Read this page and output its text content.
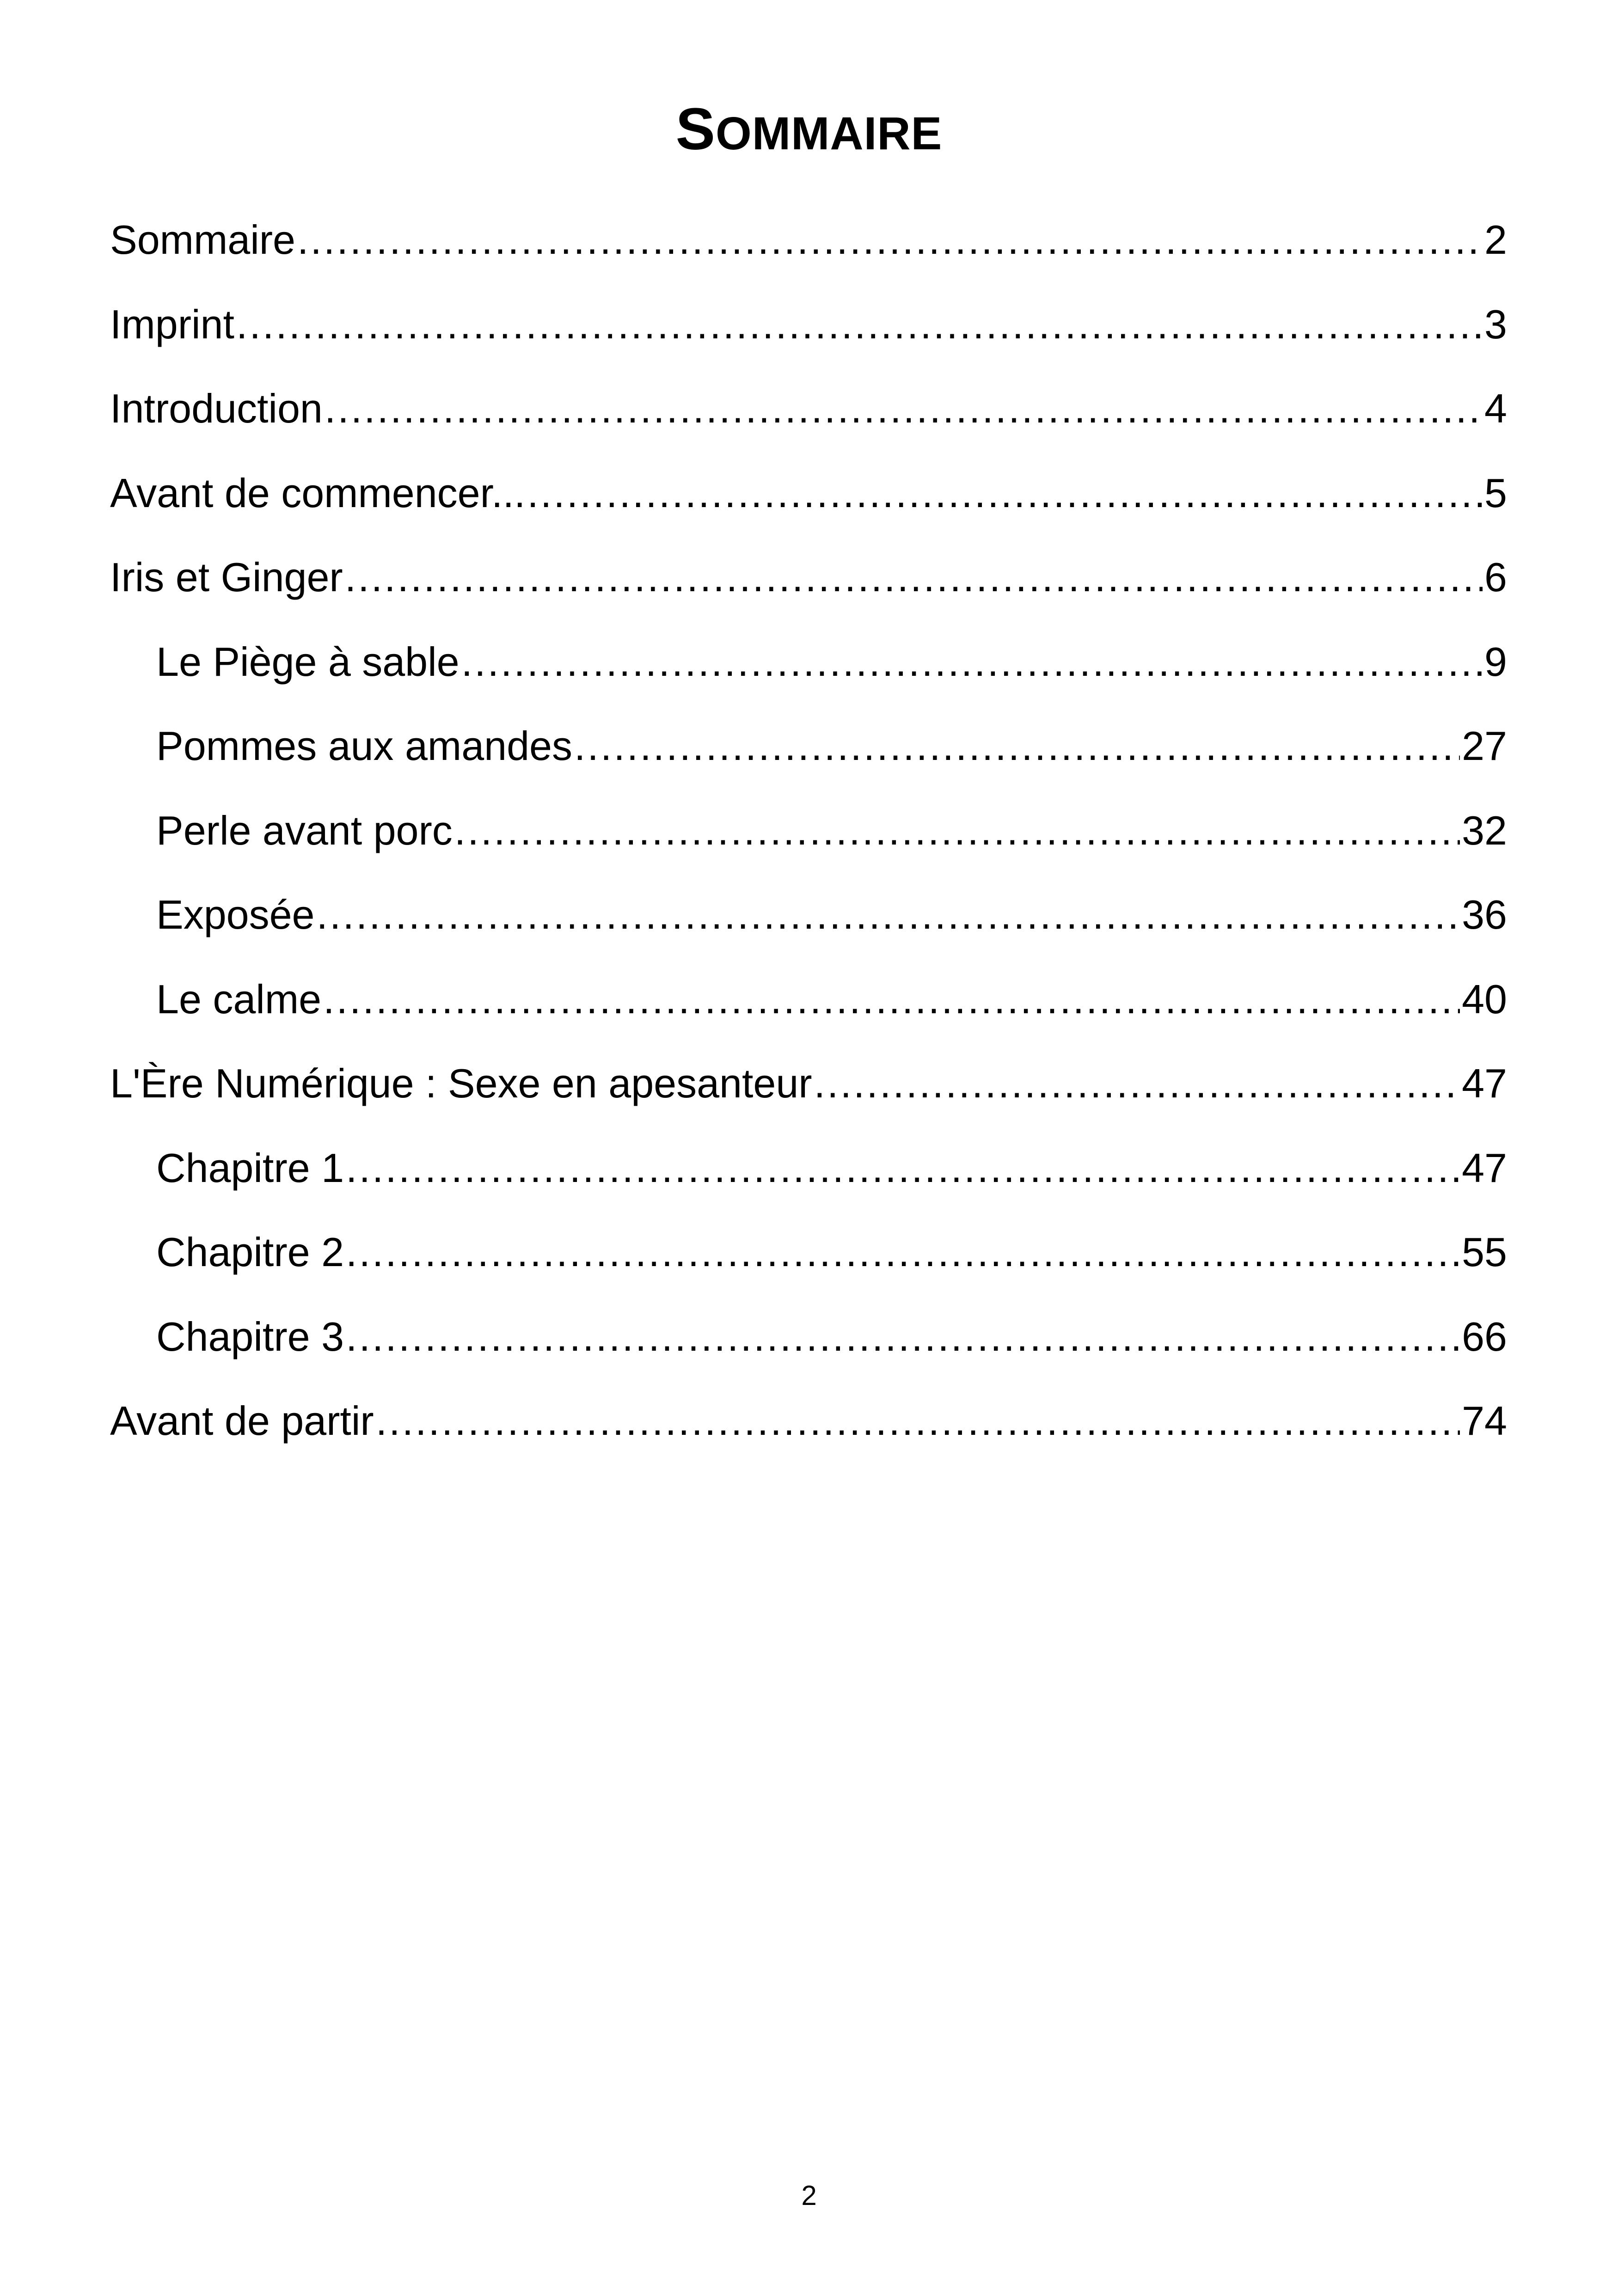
SOMMAIRE
Sommaire .....	2
Imprint .....	3
Introduction .....	4
Avant de commencer... .....	5
Iris et Ginger .....	6
Le Piège à sable .....	9
Pommes aux amandes .....	27
Perle avant porc .....	32
Exposée .....	36
Le calme .....	40
L'Ère Numérique : Sexe en apesanteur .....	47
Chapitre 1 .....	47
Chapitre 2 .....	55
Chapitre 3 .....	66
Avant de partir .....	74
2
